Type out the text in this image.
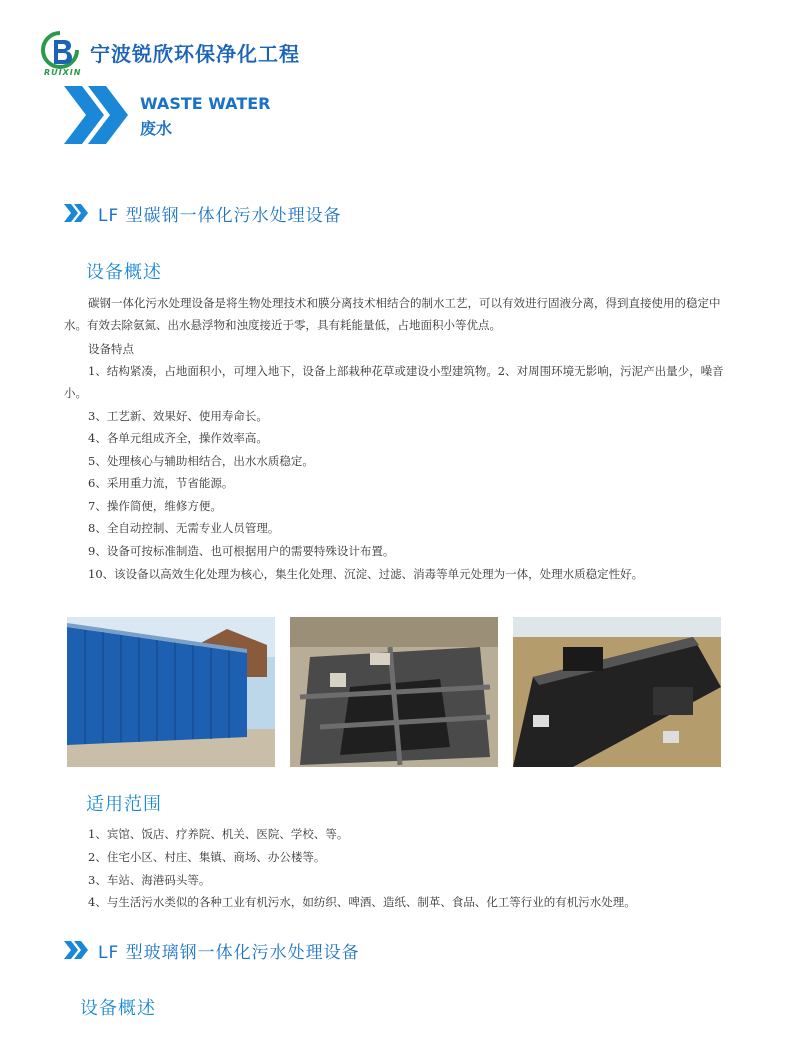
RUIXIN
宁波锐欣环保净化工程
WASTE WATER
废水
LF 型碳钢一体化污水处理设备
设备概述
碳钢一体化污水处理设备是将生物处理技术和膜分离技术相结合的制水工艺，可以有效进行固液分离，得到直接使用的稳定中水。有效去除氨氮、出水悬浮物和浊度接近于零，具有耗能量低，占地面积小等优点。
设备特点
1、结构紧凑，占地面积小，可埋入地下，设备上部栽种花草或建设小型建筑物。2、对周围环境无影响，污泥产出量少，噪音小。
3、工艺新、效果好、使用寿命长。
4、各单元组成齐全，操作效率高。
5、处理核心与辅助相结合，出水水质稳定。
6、采用重力流，节省能源。
7、操作简便，维修方便。
8、全自动控制、无需专业人员管理。
9、设备可按标准制造、也可根据用户的需要特殊设计布置。
10、该设备以高效生化处理为核心，集生化处理、沉淀、过滤、消毒等单元处理为一体，处理水质稳定性好。
适用范围
1、宾馆、饭店、疗养院、机关、医院、学校、等。
2、住宅小区、村庄、集镇、商场、办公楼等。
3、车站、海港码头等。
4、与生活污水类似的各种工业有机污水，如纺织、啤酒、造纸、制革、食品、化工等行业的有机污水处理。
LF 型玻璃钢一体化污水处理设备
设备概述
